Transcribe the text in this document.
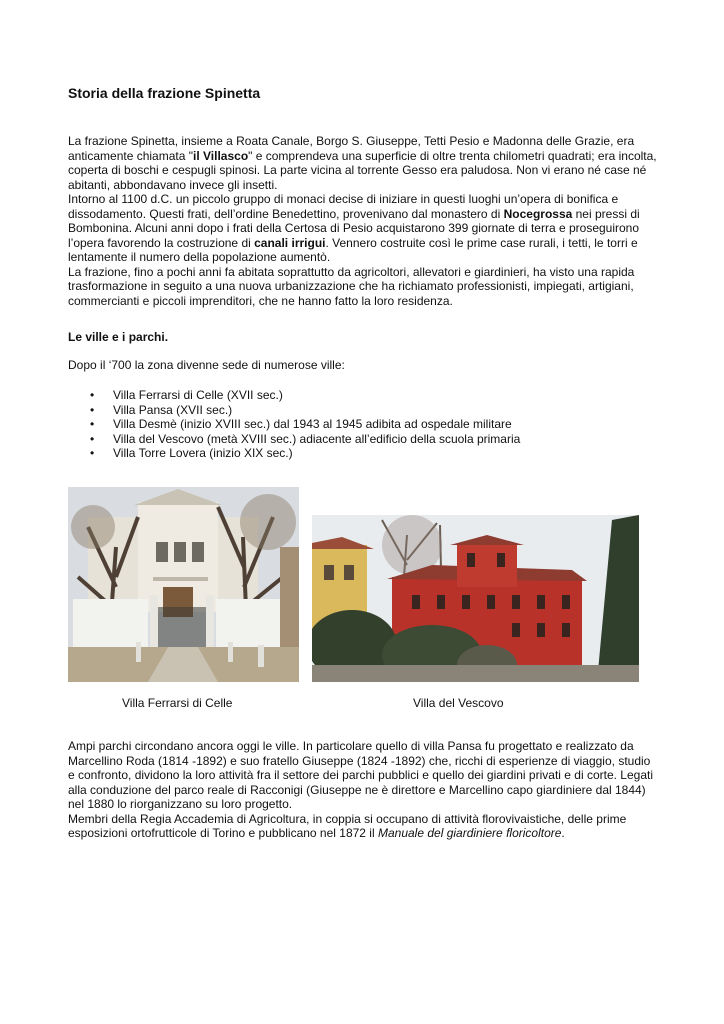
Storia della frazione Spinetta

La frazione Spinetta, insieme a Roata Canale, Borgo S. Giuseppe, Tetti Pesio e Madonna delle Grazie, era anticamente chiamata "il Villasco" e comprendeva una superficie di oltre trenta chilometri quadrati; era incolta, coperta di boschi e cespugli spinosi. La parte vicina al torrente Gesso era paludosa. Non vi erano né case né abitanti, abbondavano invece gli insetti.
Intorno al 1100 d.C. un piccolo gruppo di monaci decise di iniziare in questi luoghi un’opera di bonifica e dissodamento. Questi frati, dell’ordine Benedettino, provenivano dal monastero di Nocegrossa nei pressi di Bombonina. Alcuni anni dopo i frati della Certosa di Pesio acquistarono 399 giornate di terra e proseguirono l’opera favorendo la costruzione di canali irrigui. Vennero costruite così le prime case rurali, i tetti, le torri e lentamente il numero della popolazione aumentò.
La frazione, fino a pochi anni fa abitata soprattutto da agricoltori, allevatori e giardinieri, ha visto una rapida trasformazione in seguito a una nuova urbanizzazione che ha richiamato professionisti, impiegati, artigiani, commercianti e piccoli imprenditori, che ne hanno fatto la loro residenza.

Le ville e i parchi.

Dopo il ‘700 la zona divenne sede di numerose ville:

• Villa Ferrarsi di Celle (XVII sec.)
• Villa Pansa (XVII sec.)
• Villa Desmè (inizio XVIII sec.) dal 1943 al 1945 adibita ad ospedale militare
• Villa del Vescovo (metà XVIII sec.) adiacente all’edificio della scuola primaria
• Villa Torre Lovera (inizio XIX sec.)

Villa Ferrarsi di Celle	Villa del Vescovo

Ampi parchi circondano ancora oggi le ville. In particolare quello di villa Pansa fu progettato e realizzato da Marcellino Roda (1814 -1892) e suo fratello Giuseppe (1824 -1892) che, ricchi di esperienze di viaggio, studio e confronto, dividono la loro attività fra il settore dei parchi pubblici e quello dei giardini privati e di corte. Legati alla conduzione del parco reale di Racconigi (Giuseppe ne è direttore e Marcellino capo giardiniere dal 1844) nel 1880 lo riorganizzano su loro progetto.
Membri della Regia Accademia di Agricoltura, in coppia si occupano di attività florovivaistiche, delle prime esposizioni ortofrutticole di Torino e pubblicano nel 1872 il Manuale del giardiniere floricoltore.
